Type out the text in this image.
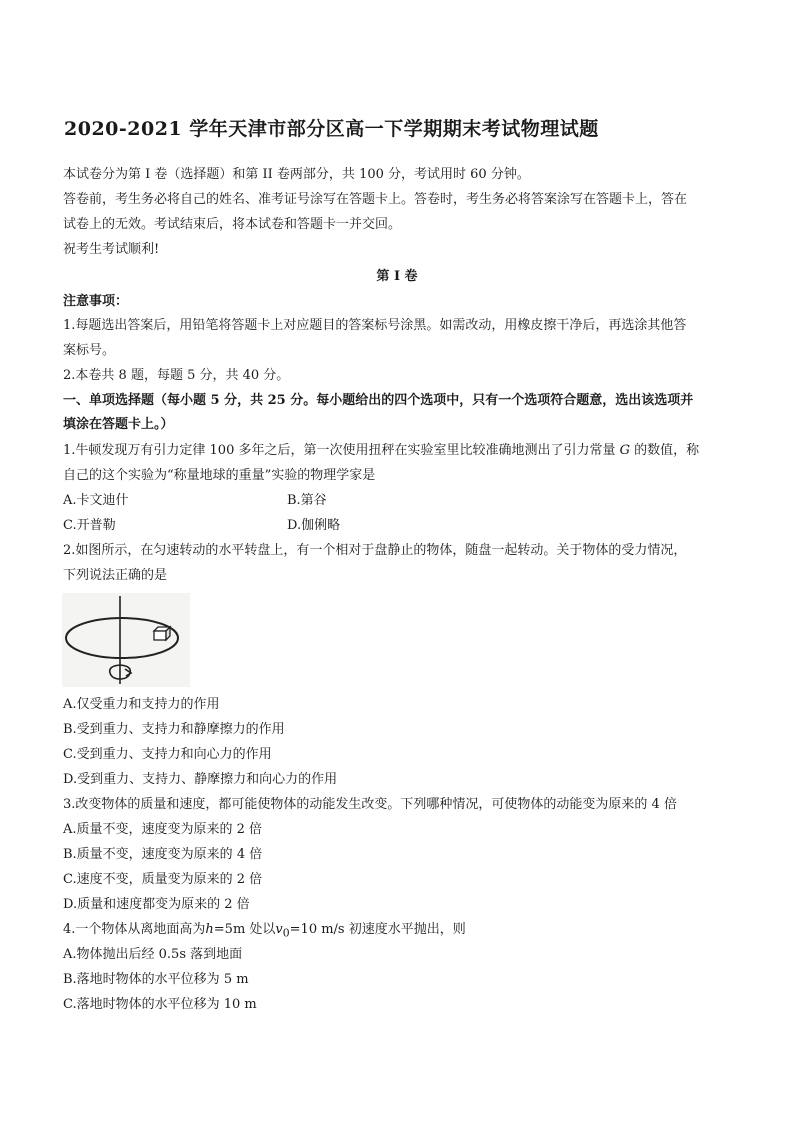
2020-2021 学年天津市部分区高一下学期期末考试物理试题
本试卷分为第 I 卷（选择题）和第 II 卷两部分，共 100 分，考试用时 60 分钟。
答卷前，考生务必将自己的姓名、准考证号涂写在答题卡上。答卷时，考生务必将答案涂写在答题卡上，答在
试卷上的无效。考试结束后，将本试卷和答题卡一并交回。
祝考生考试顺利!
第 I 卷
注意事项：
1.每题选出答案后，用铅笔将答题卡上对应题目的答案标号涂黑。如需改动，用橡皮擦干净后，再选涂其他答
案标号。
2.本卷共 8 题，每题 5 分，共 40 分。
一、单项选择题（每小题 5 分，共 25 分。每小题给出的四个选项中，只有一个选项符合题意，选出该选项并
填涂在答题卡上。）
1.牛顿发现万有引力定律 100 多年之后，第一次使用扭秤在实验室里比较准确地测出了引力常量 G 的数值，称
自己的这个实验为“称量地球的重量”实验的物理学家是
A.卡文迪什	B.第谷
C.开普勒	D.伽俐略
2.如图所示，在匀速转动的水平转盘上，有一个相对于盘静止的物体，随盘一起转动。关于物体的受力情况，
下列说法正确的是
A.仅受重力和支持力的作用
B.受到重力、支持力和静摩擦力的作用
C.受到重力、支持力和向心力的作用
D.受到重力、支持力、静摩擦力和向心力的作用
3.改变物体的质量和速度，都可能使物体的动能发生改变。下列哪种情况，可使物体的动能变为原来的 4 倍
A.质量不变，速度变为原来的 2 倍
B.质量不变，速度变为原来的 4 倍
C.速度不变，质量变为原来的 2 倍
D.质量和速度都变为原来的 2 倍
4.一个物体从离地面高为h=5m 处以$v_0=10$ m/s 初速度水平抛出，则
A.物体抛出后经 0.5s 落到地面
B.落地时物体的水平位移为 5 m
C.落地时物体的水平位移为 10 m
